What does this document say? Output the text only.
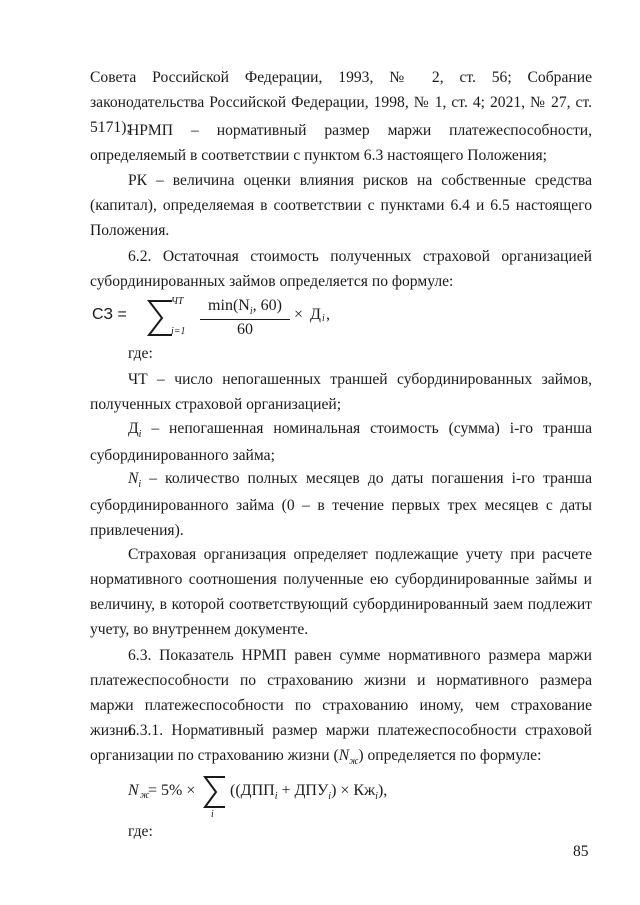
Совета Российской Федерации, 1993, № 2, ст. 56; Собрание законодательства Российской Федерации, 1998, № 1, ст. 4; 2021, № 27, ст. 5171);

НРМП – нормативный размер маржи платежеспособности, определяемый в соответствии с пунктом 6.3 настоящего Положения;

РК – величина оценки влияния рисков на собственные средства (капитал), определяемая в соответствии с пунктами 6.4 и 6.5 настоящего Положения.

6.2. Остаточная стоимость полученных страховой организацией субординированных займов определяется по формуле:

СЗ =
ЧТ
i=1
$\min(N_i$, 60)
60
× Д i ,

где:

ЧТ – число непогашенных траншей субординированных займов, полученных страховой организацией;

$Д_i$ – непогашенная номинальная стоимость (сумма) i-го транша субординированного займа;

$N_i$ – количество полных месяцев до даты погашения i-го транша субординированного займа (0 – в течение первых трех месяцев с даты привлечения).

Страховая организация определяет подлежащие учету при расчете нормативного соотношения полученные ею субординированные займы и величину, в которой соответствующий субординированный заем подлежит учету, во внутреннем документе.

6.3. Показатель НРМП равен сумме нормативного размера маржи платежеспособности по страхованию жизни и нормативного размера маржи платежеспособности по страхованию иному, чем страхование жизни.

6.3.1. Нормативный размер маржи платежеспособности страховой организации по страхованию жизни $(N_ж)$ определяется по формуле:

N ж
= 5% ×
i
$((ДПП_i + ДПУ_i) \times Кж_i)$,

где:

85
